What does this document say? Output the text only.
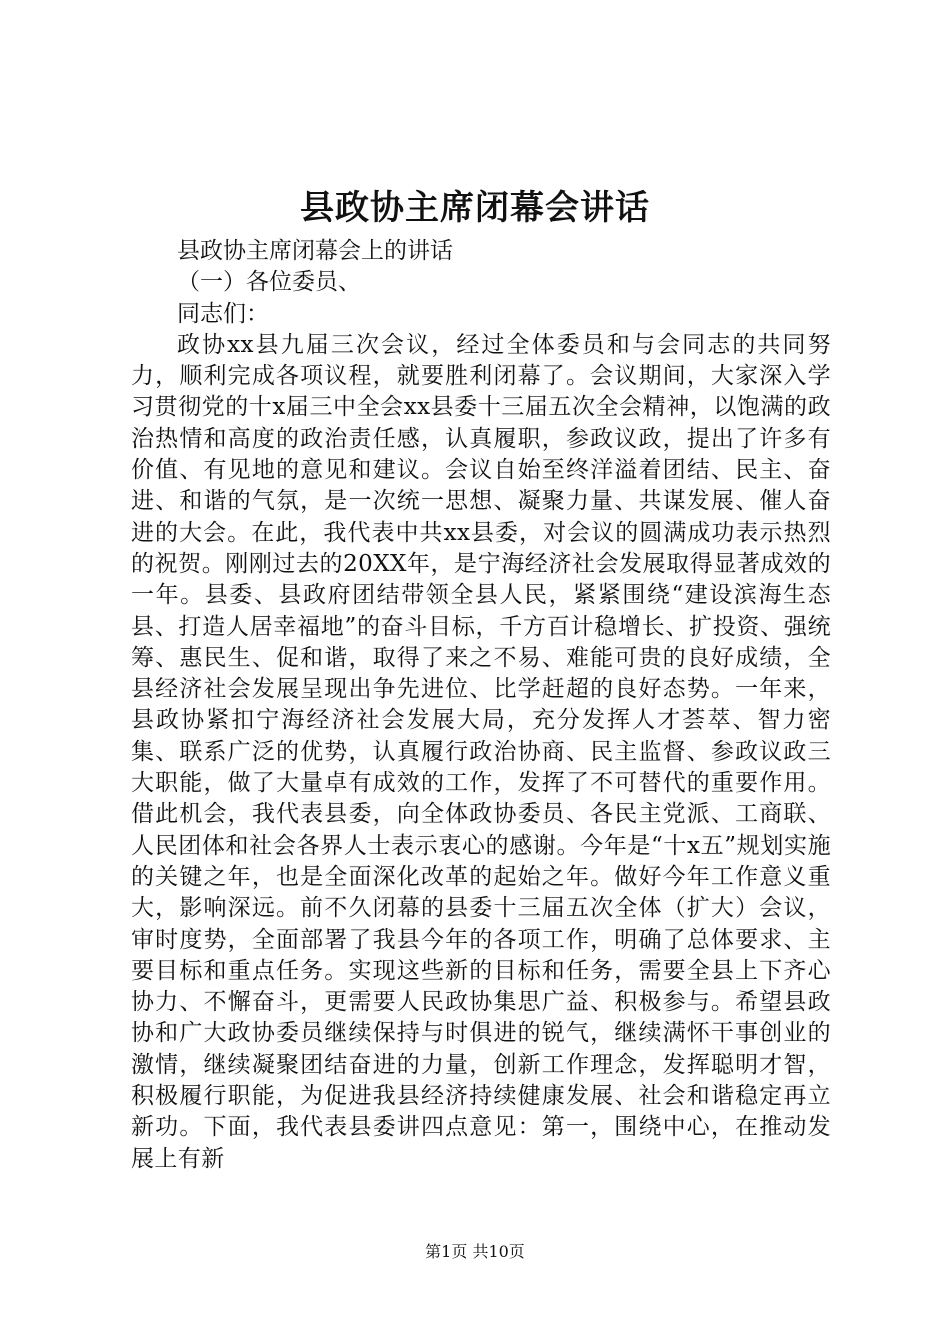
县政协主席闭幕会讲话

县政协主席闭幕会上的讲话

（一）各位委员、

同志们：

政协xx县九届三次会议，经过全体委员和与会同志的共同努力，顺利完成各项议程，就要胜利闭幕了。会议期间，大家深入学习贯彻党的十x届三中全会xx县委十三届五次全会精神，以饱满的政治热情和高度的政治责任感，认真履职，参政议政，提出了许多有价值、有见地的意见和建议。会议自始至终洋溢着团结、民主、奋进、和谐的气氛，是一次统一思想、凝聚力量、共谋发展、催人奋进的大会。在此，我代表中共xx县委，对会议的圆满成功表示热烈的祝贺。刚刚过去的20XX年，是宁海经济社会发展取得显著成效的一年。县委、县政府团结带领全县人民，紧紧围绕“建设滨海生态县、打造人居幸福地”的奋斗目标，千方百计稳增长、扩投资、强统筹、惠民生、促和谐，取得了来之不易、难能可贵的良好成绩，全县经济社会发展呈现出争先进位、比学赶超的良好态势。一年来，县政协紧扣宁海经济社会发展大局，充分发挥人才荟萃、智力密集、联系广泛的优势，认真履行政治协商、民主监督、参政议政三大职能，做了大量卓有成效的工作，发挥了不可替代的重要作用。借此机会，我代表县委，向全体政协委员、各民主党派、工商联、人民团体和社会各界人士表示衷心的感谢。今年是“十x五”规划实施的关键之年，也是全面深化改革的起始之年。做好今年工作意义重大，影响深远。前不久闭幕的县委十三届五次全体（扩大）会议，审时度势，全面部署了我县今年的各项工作，明确了总体要求、主要目标和重点任务。实现这些新的目标和任务，需要全县上下齐心协力、不懈奋斗，更需要人民政协集思广益、积极参与。希望县政协和广大政协委员继续保持与时俱进的锐气，继续满怀干事创业的激情，继续凝聚团结奋进的力量，创新工作理念，发挥聪明才智，积极履行职能，为促进我县经济持续健康发展、社会和谐稳定再立新功。下面，我代表县委讲四点意见：第一，围绕中心，在推动发展上有新

第1页 共10页
